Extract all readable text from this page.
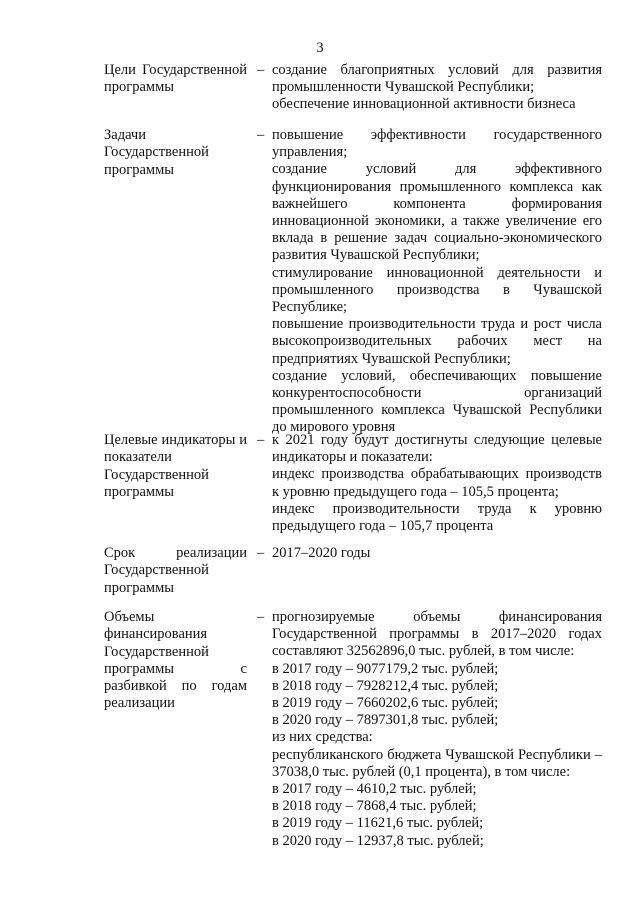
3
Цели Государственной программы
– создание благоприятных условий для развития промышленности Чувашской Республики;
обеспечение инновационной активности бизнеса
Задачи Государственной программы
– повышение эффективности государственного управления;
создание условий для эффективного функционирования промышленного комплекса как важнейшего компонента формирования инновационной экономики, а также увеличение его вклада в решение задач социально-экономического развития Чувашской Республики;
стимулирование инновационной деятельности и промышленного производства в Чувашской Республике;
повышение производительности труда и рост числа высокопроизводительных рабочих мест на предприятиях Чувашской Республики;
создание условий, обеспечивающих повышение конкурентоспособности организаций промышленного комплекса Чувашской Республики до мирового уровня
Целевые индикаторы и показатели Государственной программы
– к 2021 году будут достигнуты следующие целевые индикаторы и показатели:
индекс производства обрабатывающих производств к уровню предыдущего года – 105,5 процента;
индекс производительности труда к уровню предыдущего года – 105,7 процента
Срок реализации Государственной программы
– 2017–2020 годы
Объемы финансирования Государственной программы с разбивкой по годам реализации
– прогнозируемые объемы финансирования Государственной программы в 2017–2020 годах составляют 32562896,0 тыс. рублей, в том числе:
в 2017 году – 9077179,2 тыс. рублей;
в 2018 году – 7928212,4 тыс. рублей;
в 2019 году – 7660202,6 тыс. рублей;
в 2020 году – 7897301,8 тыс. рублей;
из них средства:
республиканского бюджета Чувашской Республики – 37038,0 тыс. рублей (0,1 процента), в том числе:
в 2017 году – 4610,2 тыс. рублей;
в 2018 году – 7868,4 тыс. рублей;
в 2019 году – 11621,6 тыс. рублей;
в 2020 году – 12937,8 тыс. рублей;
